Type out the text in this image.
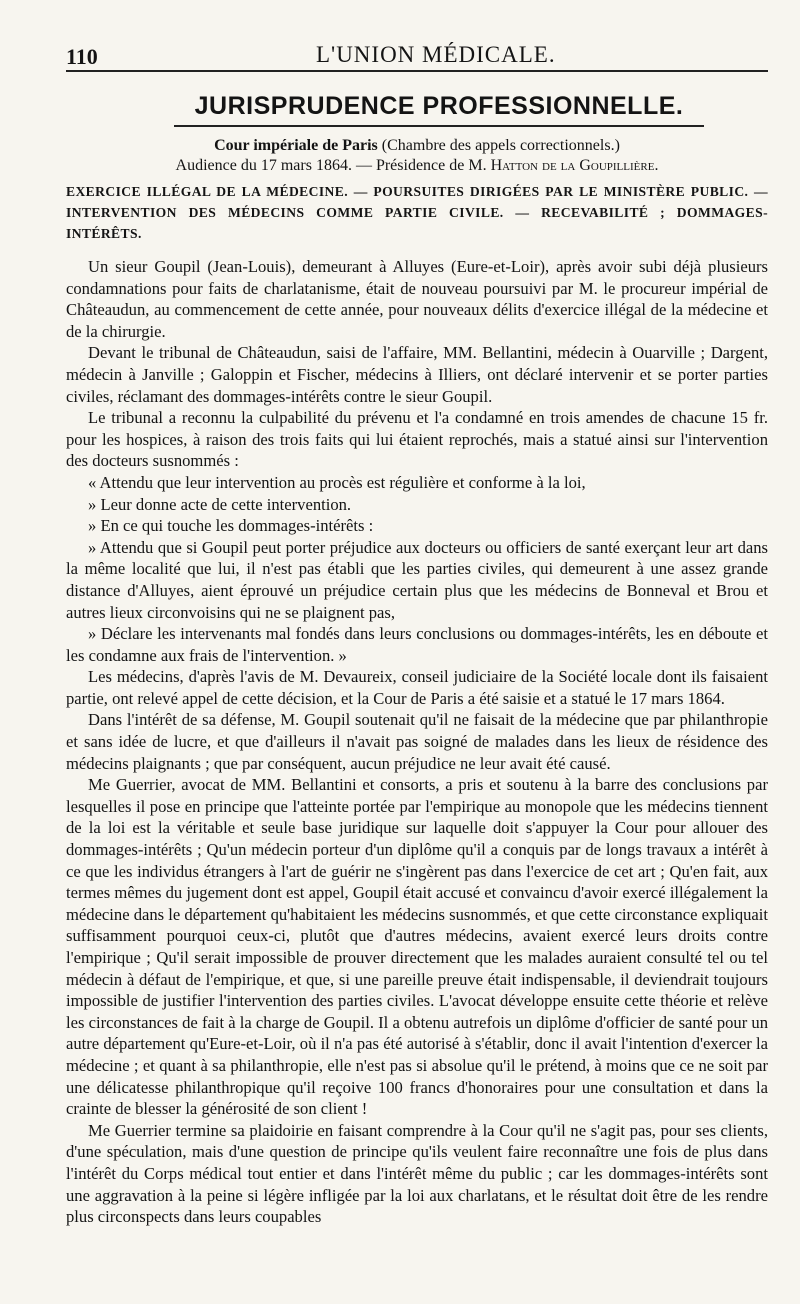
110	L'UNION MÉDICALE.
JURISPRUDENCE PROFESSIONNELLE.
Cour impériale de Paris (Chambre des appels correctionnels.)
Audience du 17 mars 1864. — Présidence de M. Hatton de la Goupillière.
EXERCICE ILLÉGAL DE LA MÉDECINE. — POURSUITES DIRIGÉES PAR LE MINISTÈRE PUBLIC. — INTERVENTION DES MÉDECINS COMME PARTIE CIVILE. — RECEVABILITÉ ; DOMMAGES-INTÉRÊTS.

Un sieur Goupil (Jean-Louis), demeurant à Alluyes (Eure-et-Loir), après avoir subi déjà plusieurs condamnations pour faits de charlatanisme, était de nouveau poursuivi par M. le procureur impérial de Châteaudun, au commencement de cette année, pour nouveaux délits d'exercice illégal de la médecine et de la chirurgie.

Devant le tribunal de Châteaudun, saisi de l'affaire, MM. Bellantini, médecin à Ouarville ; Dargent, médecin à Janville ; Galoppin et Fischer, médecins à Illiers, ont déclaré intervenir et se porter parties civiles, réclamant des dommages-intérêts contre le sieur Goupil.

Le tribunal a reconnu la culpabilité du prévenu et l'a condamné en trois amendes de chacune 15 fr. pour les hospices, à raison des trois faits qui lui étaient reprochés, mais a statué ainsi sur l'intervention des docteurs susnommés :

« Attendu que leur intervention au procès est régulière et conforme à la loi,

» Leur donne acte de cette intervention.

» En ce qui touche les dommages-intérêts :

» Attendu que si Goupil peut porter préjudice aux docteurs ou officiers de santé exerçant leur art dans la même localité que lui, il n'est pas établi que les parties civiles, qui demeurent à une assez grande distance d'Alluyes, aient éprouvé un préjudice certain plus que les médecins de Bonneval et Brou et autres lieux circonvoisins qui ne se plaignent pas,

» Déclare les intervenants mal fondés dans leurs conclusions ou dommages-intérêts, les en déboute et les condamne aux frais de l'intervention. »

Les médecins, d'après l'avis de M. Devaureix, conseil judiciaire de la Société locale dont ils faisaient partie, ont relevé appel de cette décision, et la Cour de Paris a été saisie et a statué le 17 mars 1864.

Dans l'intérêt de sa défense, M. Goupil soutenait qu'il ne faisait de la médecine que par philanthropie et sans idée de lucre, et que d'ailleurs il n'avait pas soigné de malades dans les lieux de résidence des médecins plaignants ; que par conséquent, aucun préjudice ne leur avait été causé.

Me Guerrier, avocat de MM. Bellantini et consorts, a pris et soutenu à la barre des conclusions par lesquelles il pose en principe que l'atteinte portée par l'empirique au monopole que les médecins tiennent de la loi est la véritable et seule base juridique sur laquelle doit s'appuyer la Cour pour allouer des dommages-intérêts ; Qu'un médecin porteur d'un diplôme qu'il a conquis par de longs travaux a intérêt à ce que les individus étrangers à l'art de guérir ne s'ingèrent pas dans l'exercice de cet art ; Qu'en fait, aux termes mêmes du jugement dont est appel, Goupil était accusé et convaincu d'avoir exercé illégalement la médecine dans le département qu'habitaient les médecins susnommés, et que cette circonstance expliquait suffisamment pourquoi ceux-ci, plutôt que d'autres médecins, avaient exercé leurs droits contre l'empirique ; Qu'il serait impossible de prouver directement que les malades auraient consulté tel ou tel médecin à défaut de l'empirique, et que, si une pareille preuve était indispensable, il deviendrait toujours impossible de justifier l'intervention des parties civiles. L'avocat développe ensuite cette théorie et relève les circonstances de fait à la charge de Goupil. Il a obtenu autrefois un diplôme d'officier de santé pour un autre département qu'Eure-et-Loir, où il n'a pas été autorisé à s'établir, donc il avait l'intention d'exercer la médecine ; et quant à sa philanthropie, elle n'est pas si absolue qu'il le prétend, à moins que ce ne soit par une délicatesse philanthropique qu'il reçoive 100 francs d'honoraires pour une consultation et dans la crainte de blesser la générosité de son client !

Me Guerrier termine sa plaidoirie en faisant comprendre à la Cour qu'il ne s'agit pas, pour ses clients, d'une spéculation, mais d'une question de principe qu'ils veulent faire reconnaître une fois de plus dans l'intérêt du Corps médical tout entier et dans l'intérêt même du public ; car les dommages-intérêts sont une aggravation à la peine si légère infligée par la loi aux charlatans, et le résultat doit être de les rendre plus circonspects dans leurs coupables
